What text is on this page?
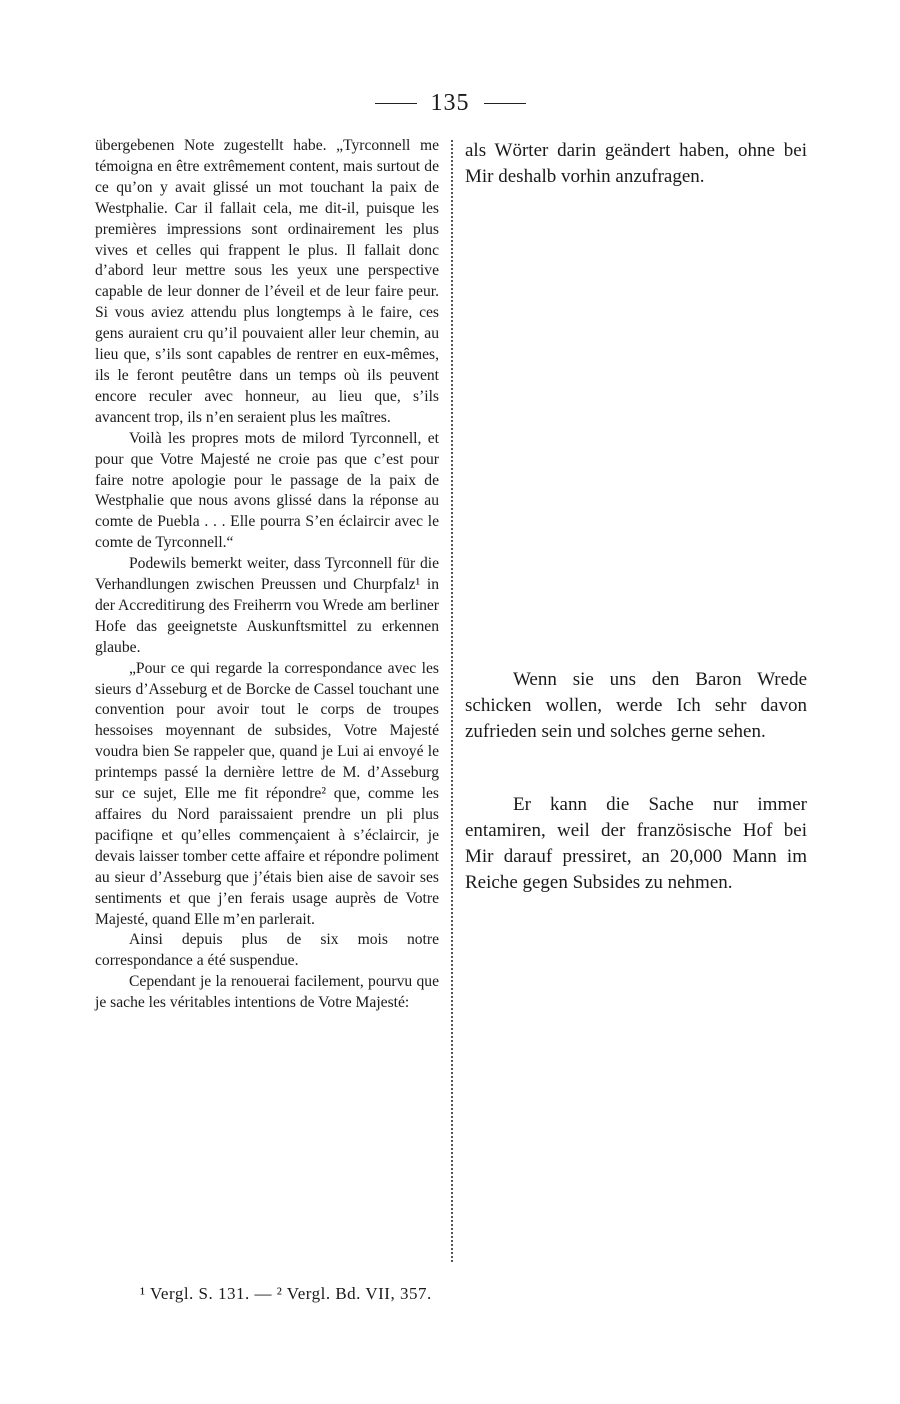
135

übergebenen Note zugestellt habe. „Tyrconnell me témoigna en être extrêmement content, mais surtout de ce qu’on y avait glissé un mot touchant la paix de Westphalie. Car il fallait cela, me dit-il, puisque les premières impressions sont ordinairement les plus vives et celles qui frappent le plus. Il fallait donc d’abord leur mettre sous les yeux une perspective capable de leur donner de l’éveil et de leur faire peur. Si vous aviez attendu plus longtemps à le faire, ces gens auraient cru qu’il pouvaient aller leur chemin, au lieu que, s’ils sont capables de rentrer en eux-mêmes, ils le feront peutêtre dans un temps où ils peuvent encore reculer avec honneur, au lieu que, s’ils avancent trop, ils n’en seraient plus les maîtres.

Voilà les propres mots de milord Tyrconnell, et pour que Votre Majesté ne croie pas que c’est pour faire notre apologie pour le passage de la paix de Westphalie que nous avons glissé dans la réponse au comte de Puebla . . . Elle pourra S’en éclaircir avec le comte de Tyrconnell.“

Podewils bemerkt weiter, dass Tyrconnell für die Verhandlungen zwischen Preussen und Churpfalz¹ in der Accreditirung des Freiherrn vou Wrede am berliner Hofe das geeignetste Auskunftsmittel zu erkennen glaube.

„Pour ce qui regarde la correspondance avec les sieurs d’Asseburg et de Borcke de Cassel touchant une convention pour avoir tout le corps de troupes hessoises moyennant de subsides, Votre Majesté voudra bien Se rappeler que, quand je Lui ai envoyé le printemps passé la dernière lettre de M. d’Asseburg sur ce sujet, Elle me fit répondre² que, comme les affaires du Nord paraissaient prendre un pli plus pacifiqne et qu’elles commençaient à s’éclaircir, je devais laisser tomber cette affaire et répondre poliment au sieur d’Asseburg que j’étais bien aise de savoir ses sentiments et que j’en ferais usage auprès de Votre Majesté, quand Elle m’en parlerait.

Ainsi depuis plus de six mois notre correspondance a été suspendue.

Cependant je la renouerai facilement, pourvu que je sache les véritables intentions de Votre Majesté:

als Wörter darin geändert haben, ohne bei Mir deshalb vorhin anzufragen.

Wenn sie uns den Baron Wrede schicken wollen, werde Ich sehr davon zufrieden sein und solches gerne sehen.

Er kann die Sache nur immer entamiren, weil der französische Hof bei Mir darauf pressiret, an 20,000 Mann im Reiche gegen Subsides zu nehmen.

¹ Vergl. S. 131. — ² Vergl. Bd. VII, 357.
